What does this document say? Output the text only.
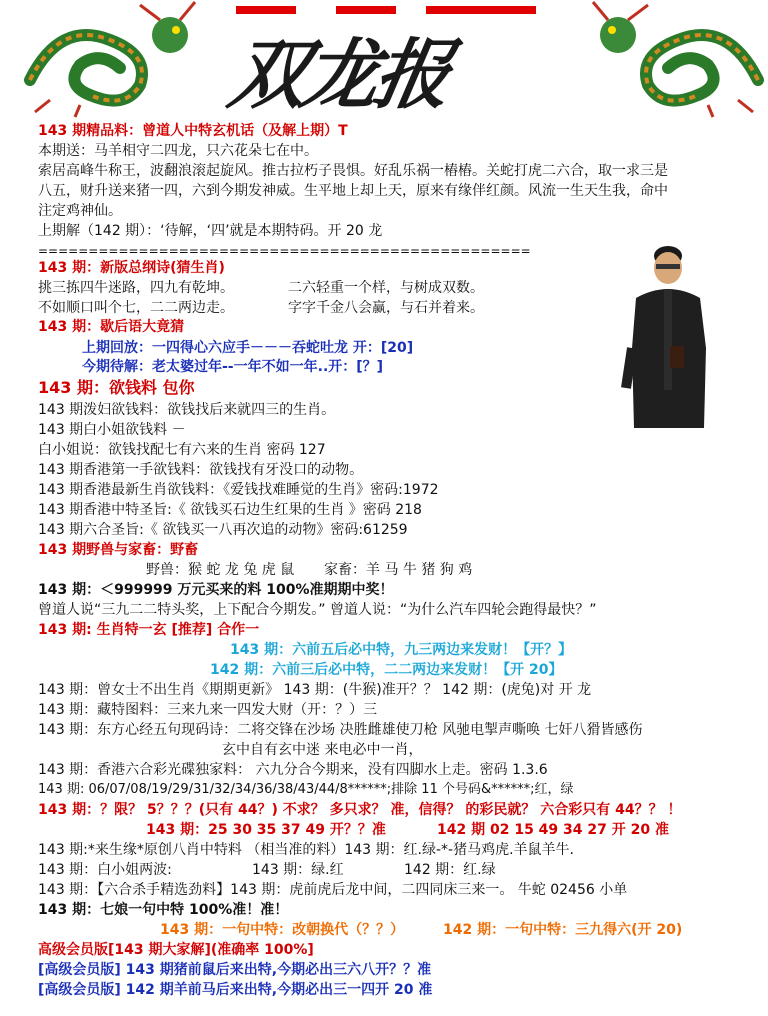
双龙报
143 期精品料：曾道人中特玄机话（及解上期）T
本期送：马羊相守二四龙，只六花朵七在中。
索居高峰牛称王，波翻浪滚起旋风。推古拉朽子畏惧。好乱乐祸一樁樁。关蛇打虎二六合，取一求三是
八五，财升送来猪一四，六到今期发神威。生平地上却上天，原来有缘伴红颜。风流一生天生我，命中
注定鸡神仙。
上期解（142 期）：‘待解，‘四’就是本期特码。开 20 龙
=================================================
143 期：新版总纲诗(猜生肖)
挑三拣四牛迷路，四九有乾坤。	二六轻重一个样，与树成双数。
不如顺口叫个七，二二两边走。	字字千金八会赢，与石并着来。
143 期：歇后语大竟猜
上期回放：一四得心六应手－－－吞蛇吐龙 开：[20]
今期待解：老太婆过年--一年不如一年..开：[？]
143 期：欲钱料 包你
143 期泼妇欲钱料：欲钱找后来就四三的生肖。
143 期白小姐欲钱料 －
白小姐说：欲钱找配七有六来的生肖 密码 127
143 期香港第一手欲钱料：欲钱找有牙没口的动物。
143 期香港最新生肖欲钱料：《爱钱找难睡觉的生肖》密码:1972
143 期香港中特圣旨:《 欲钱买石边生红果的生肖 》密码 218
143 期六合圣旨:《 欲钱买一八再次追的动物》密码:61259
143 期野兽与家畜：野畜
野兽：猴 蛇 龙 兔 虎 鼠 家畜：羊 马 牛 猪 狗 鸡
143 期：＜999999 万元买来的料 100%准期期中奖！
曾道人说“三九二二特头奖，上下配合今期发。” 曾道人说：“为什么汽车四轮会跑得最快？”
143 期: 生肖特一玄 [推荐] 合作一
143 期：六前五后必中特，九三两边来发财！【开？】
142 期：六前三后必中特，二二两边来发财！【开 20】
143 期：曾女士不出生肖《期期更新》 143 期：(牛猴)准开？？ 142 期：(虎兔)对 开 龙
143 期：藏特图料：三来九来一四发大财（开：？）三
143 期：东方心经五句现码诗：二将交锋在沙场 决胜雌雄使刀枪 风驰电掣声嘶唤 七奸八猾皆感伤
玄中自有玄中迷 来电必中一肖，
143 期：香港六合彩光碟独家料： 六九分合今期来，没有四脚水上走。密码 1.3.6
143 期: 06/07/08/19/29/31/32/34/36/38/43/44/8******;排除 11 个号码&******;红，绿
143 期：？限？ 5？？？(只有 44？) 不求？ 多只求？ 准，信得？ 的彩民就？ 六合彩只有 44？？ ！
143 期：25 30 35 37 49 开？？准	142 期 02 15 49 34 27 开 20 准
143 期:*来生缘*原创八肖中特料 （相当准的料）143 期：红.绿-*-猪马鸡虎.羊鼠羊牛.
143 期：白小姐两波:	143 期：绿.红	142 期：红.绿
143 期：【六合杀手精选劲料】143 期：虎前虎后龙中间，二四同床三来一。 牛蛇 02456 小单
143 期：七娘一句中特 100%准！准！
143 期：一句中特：改朝换代（？？）	142 期：一句中特：三九得六(开 20)
高级会员版[143 期大家解](准确率 100%]
[高级会员版] 143 期猪前鼠后来出特,今期必出三六八开？？准
[高级会员版] 142 期羊前马后来出特,今期必出三一四开 20 准
